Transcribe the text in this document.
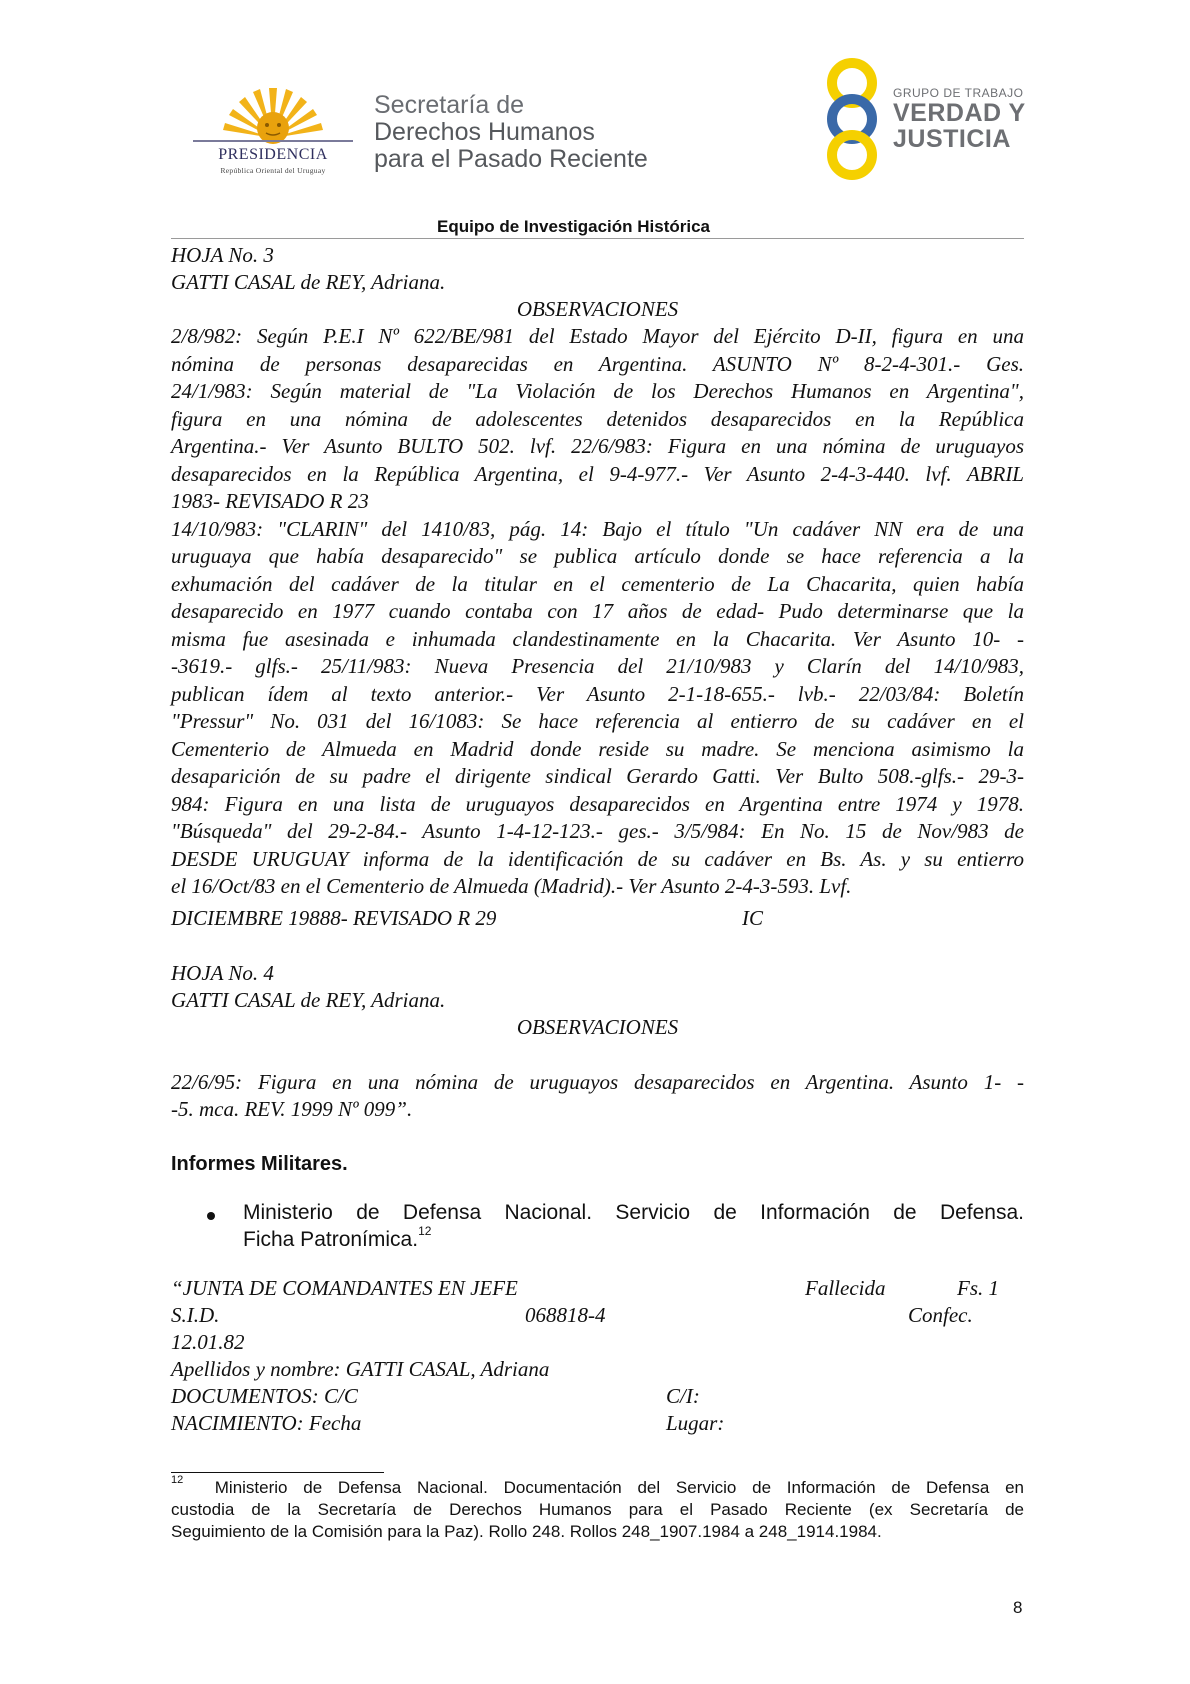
PRESIDENCIA
República Oriental del Uruguay
Secretaría de
Derechos Humanos
para el Pasado Reciente
GRUPO DE TRABAJO
VERDAD Y
JUSTICIA
Equipo de Investigación Histórica
HOJA No. 3
GATTI CASAL de REY, Adriana.
OBSERVACIONES
2/8/982: Según P.E.I Nº 622/BE/981 del Estado Mayor del Ejército D-II, figura en una
nómina de personas desaparecidas en Argentina. ASUNTO Nº 8-2-4-301.- Ges.
24/1/983: Según material de "La Violación de los Derechos Humanos en Argentina",
figura en una nómina de adolescentes detenidos desaparecidos en la República
Argentina.- Ver Asunto BULTO 502. lvf. 22/6/983: Figura en una nómina de uruguayos
desaparecidos en la República Argentina, el 9-4-977.- Ver Asunto 2-4-3-440. lvf. ABRIL
1983- REVISADO R 23
14/10/983: "CLARIN" del 1410/83, pág. 14: Bajo el título "Un cadáver NN era de una
uruguaya que había desaparecido" se publica artículo donde se hace referencia a la
exhumación del cadáver de la titular en el cementerio de La Chacarita, quien había
desaparecido en 1977 cuando contaba con 17 años de edad- Pudo determinarse que la
misma fue asesinada e inhumada clandestinamente en la Chacarita. Ver Asunto 10- -
-3619.- glfs.- 25/11/983: Nueva Presencia del 21/10/983 y Clarín del 14/10/983,
publican ídem al texto anterior.- Ver Asunto 2-1-18-655.- lvb.- 22/03/84: Boletín
"Pressur" No. 031 del 16/1083: Se hace referencia al entierro de su cadáver en el
Cementerio de Almueda en Madrid donde reside su madre. Se menciona asimismo la
desaparición de su padre el dirigente sindical Gerardo Gatti. Ver Bulto 508.-glfs.- 29-3-
984: Figura en una lista de uruguayos desaparecidos en Argentina entre 1974 y 1978.
"Búsqueda" del 29-2-84.- Asunto 1-4-12-123.- ges.- 3/5/984: En No. 15 de Nov/983 de
DESDE URUGUAY informa de la identificación de su cadáver en Bs. As. y su entierro
el 16/Oct/83 en el Cementerio de Almueda (Madrid).- Ver Asunto 2-4-3-593. Lvf.
DICIEMBRE 19888- REVISADO R 29	IC
HOJA No. 4
GATTI CASAL de REY, Adriana.
OBSERVACIONES
22/6/95: Figura en una nómina de uruguayos desaparecidos en Argentina. Asunto 1- -
-5. mca. REV. 1999 Nº 099”.
Informes Militares.
Ministerio de Defensa Nacional. Servicio de Información de Defensa.
Ficha Patronímica.$^{12}$
“JUNTA DE COMANDANTES EN JEFE	Fallecida	Fs. 1
S.I.D.	068818-4	Confec.
12.01.82
Apellidos y nombre: GATTI CASAL, Adriana
DOCUMENTOS: C/C	C/I:
NACIMIENTO: Fecha	Lugar:
$^{12}$ Ministerio de Defensa Nacional. Documentación del Servicio de Información de Defensa en
custodia de la Secretaría de Derechos Humanos para el Pasado Reciente (ex Secretaría de
Seguimiento de la Comisión para la Paz). Rollo 248. Rollos 248_1907.1984 a 248_1914.1984.
8
